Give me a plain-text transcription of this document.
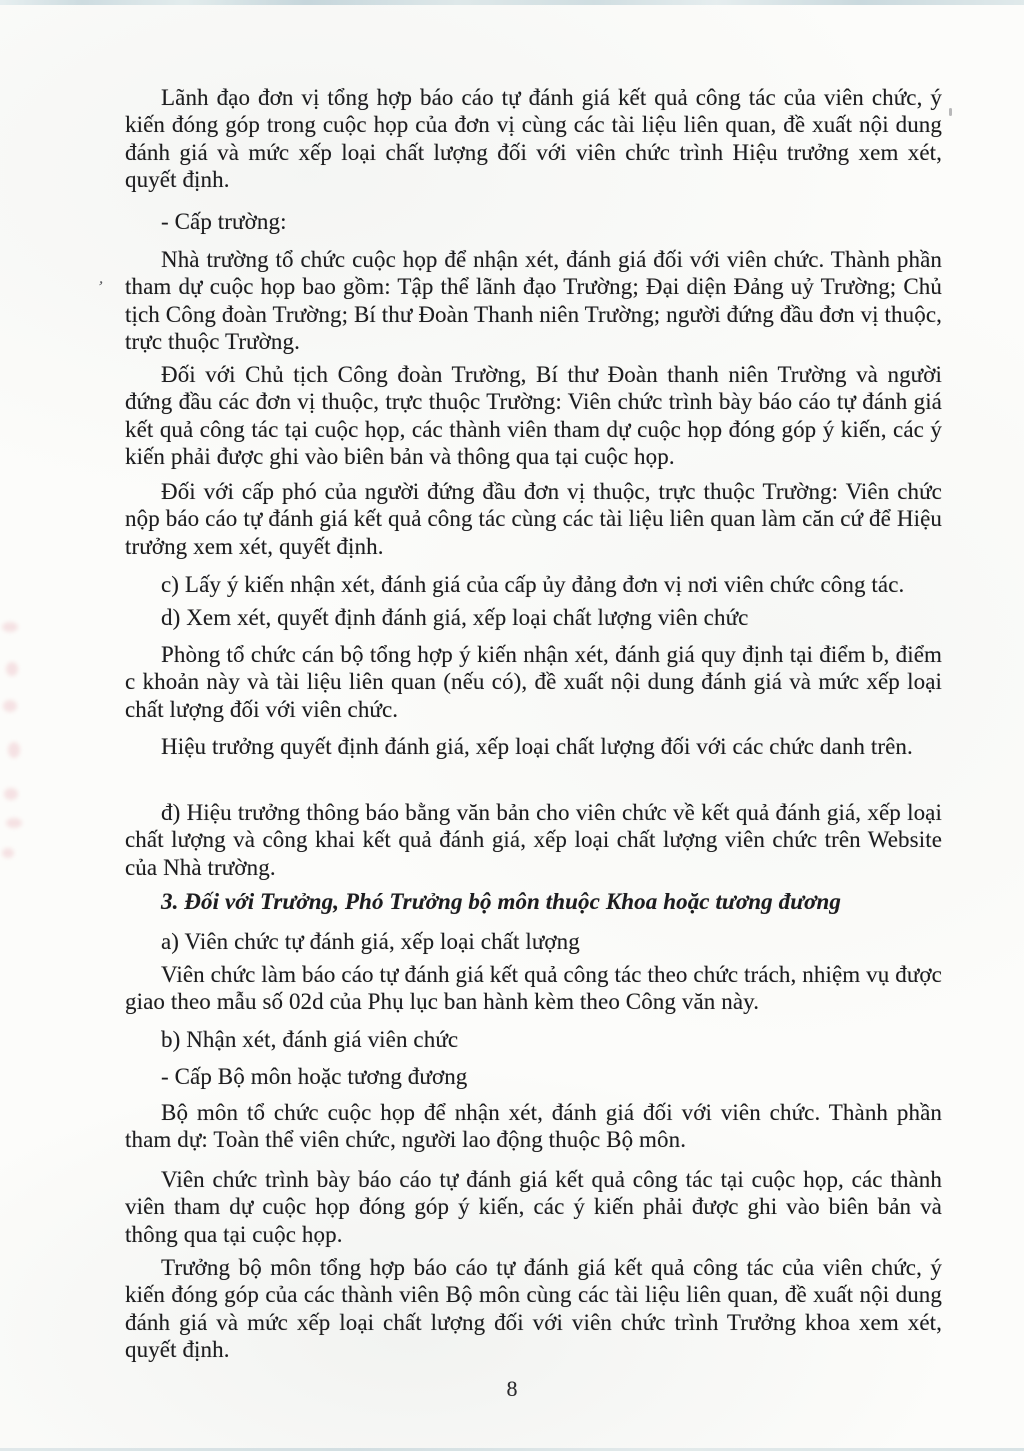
Lãnh đạo đơn vị tổng hợp báo cáo tự đánh giá kết quả công tác của viên chức, ý kiến đóng góp trong cuộc họp của đơn vị cùng các tài liệu liên quan, đề xuất nội dung đánh giá và mức xếp loại chất lượng đối với viên chức trình Hiệu trưởng xem xét, quyết định.

- Cấp trường:

Nhà trường tổ chức cuộc họp để nhận xét, đánh giá đối với viên chức. Thành phần tham dự cuộc họp bao gồm: Tập thể lãnh đạo Trường; Đại diện Đảng uỷ Trường; Chủ tịch Công đoàn Trường; Bí thư Đoàn Thanh niên Trường; người đứng đầu đơn vị thuộc, trực thuộc Trường.

Đối với Chủ tịch Công đoàn Trường, Bí thư Đoàn thanh niên Trường và người đứng đầu các đơn vị thuộc, trực thuộc Trường: Viên chức trình bày báo cáo tự đánh giá kết quả công tác tại cuộc họp, các thành viên tham dự cuộc họp đóng góp ý kiến, các ý kiến phải được ghi vào biên bản và thông qua tại cuộc họp.

Đối với cấp phó của người đứng đầu đơn vị thuộc, trực thuộc Trường: Viên chức nộp báo cáo tự đánh giá kết quả công tác cùng các tài liệu liên quan làm căn cứ để Hiệu trưởng xem xét, quyết định.

c) Lấy ý kiến nhận xét, đánh giá của cấp ủy đảng đơn vị nơi viên chức công tác.

d) Xem xét, quyết định đánh giá, xếp loại chất lượng viên chức

Phòng tổ chức cán bộ tổng hợp ý kiến nhận xét, đánh giá quy định tại điểm b, điểm c khoản này và tài liệu liên quan (nếu có), đề xuất nội dung đánh giá và mức xếp loại chất lượng đối với viên chức.

Hiệu trưởng quyết định đánh giá, xếp loại chất lượng đối với các chức danh trên.

đ) Hiệu trưởng thông báo bằng văn bản cho viên chức về kết quả đánh giá, xếp loại chất lượng và công khai kết quả đánh giá, xếp loại chất lượng viên chức trên Website của Nhà trường.

3. Đối với Trưởng, Phó Trưởng bộ môn thuộc Khoa hoặc tương đương

a) Viên chức tự đánh giá, xếp loại chất lượng

Viên chức làm báo cáo tự đánh giá kết quả công tác theo chức trách, nhiệm vụ được giao theo mẫu số 02d của Phụ lục ban hành kèm theo Công văn này.

b) Nhận xét, đánh giá viên chức

- Cấp Bộ môn hoặc tương đương

Bộ môn tổ chức cuộc họp để nhận xét, đánh giá đối với viên chức. Thành phần tham dự: Toàn thể viên chức, người lao động thuộc Bộ môn.

Viên chức trình bày báo cáo tự đánh giá kết quả công tác tại cuộc họp, các thành viên tham dự cuộc họp đóng góp ý kiến, các ý kiến phải được ghi vào biên bản và thông qua tại cuộc họp.

Trưởng bộ môn tổng hợp báo cáo tự đánh giá kết quả công tác của viên chức, ý kiến đóng góp của các thành viên Bộ môn cùng các tài liệu liên quan, đề xuất nội dung đánh giá và mức xếp loại chất lượng đối với viên chức trình Trưởng khoa xem xét, quyết định.

8

,
